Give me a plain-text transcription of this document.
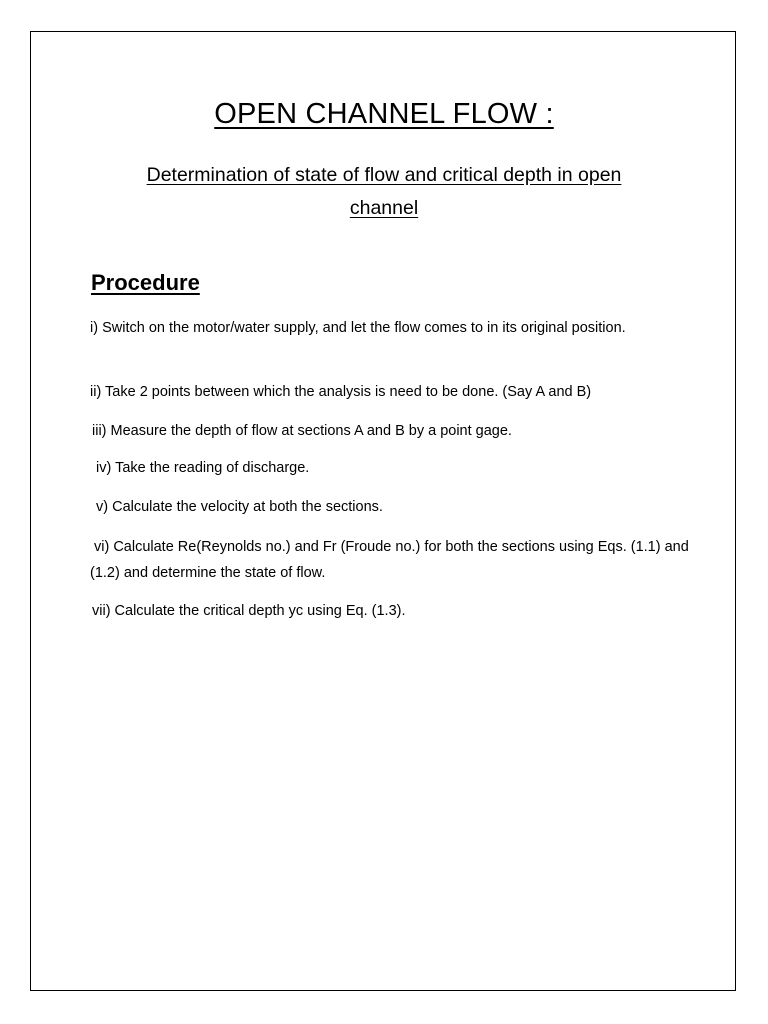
OPEN CHANNEL FLOW :

Determination of state of flow and critical depth in open channel

Procedure

i) Switch on the motor/water supply, and let the flow comes to in its original position.

ii) Take 2 points between which the analysis is need to be done. (Say A and B)

iii) Measure the depth of flow at sections A and B by a point gage.

iv) Take the reading of discharge.

v) Calculate the velocity at both the sections.

vi) Calculate Re(Reynolds no.) and Fr (Froude no.) for both the sections using Eqs. (1.1) and (1.2) and determine the state of flow.

vii) Calculate the critical depth yc using Eq. (1.3).
